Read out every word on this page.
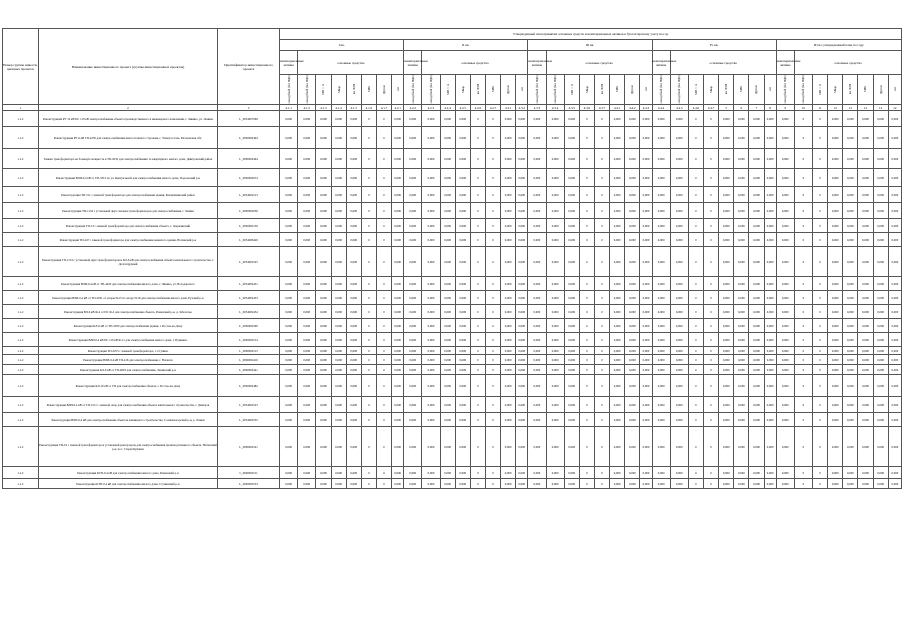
Номер группы инвести-ционных проектов	Наименование инвестиционного проекта (группы инвестиционных проектов)	Идентификатор инвестиционного проекта	Утвержденный план принятия основных средств и нематериальных активов к бухгалтерскому учету на год																																							
			I кв.								II кв.								III кв.								IV кв.								Итого утвержденный план по году							
			нематериальные активы	основные средства							нематериальные активы	основные средства							нематериальные активы	основные средства							нематериальные активы	основные средства							нематериальные активы	основные средства						
			млн.рублей (без НДС)	млн.рублей (без НДС)	МВ×А	Мвар	км ЛЭП	МВт	Другое	шт	млн.рублей (без НДС)	млн.рублей (без НДС)	МВ×А	Мвар	км ЛЭП	МВт	Другое	шт	млн.рублей (без НДС)	млн.рублей (без НДС)	МВ×А	Мвар	км ЛЭП	МВт	Другое	шт	млн.рублей (без НДС)	млн.рублей (без НДС)	МВ×А	Мвар	км ЛЭП	МВт	Другое	шт	млн.рублей (без НДС)	млн.рублей (без НДС)	МВ×А	Мвар	км ЛЭП	МВт	Другое	шт
1	2	3	4.1.1	4.1.2	4.1.3	4.1.4	4.1.5	4.1.6	4.1.7	4.2.1	4.2.2	4.2.3	4.2.4	4.2.5	4.2.6	4.2.7	4.3.1	4.3.2	4.3.3	4.3.4	4.3.5	4.3.6	4.3.7	4.4.1	4.4.2	4.4.3	4.4.4	4.4.5	4.4.6	4.4.7	5	6	7	8	9	10	11	12	12	12	12	12
1.1.2	Реконструкция РУ 10 кВ ПС 110 кВ электроснабжения объекта производственного и инженерного назначения, г. Ликино, ул. Ленина	L_0054007069	0,000	0,000	0,000	0,000	0,000	0	0	0,000	0,000	0,000	0,000	0,000	0	0	0,000	0,000	0,000	0,000	0,000	0	0	0,000	0,000	0,000	0,000	0,000	0	0	0,000	0,000	0,000	0,000	0,000	0	0	0,000	0,000	0,000	0,000	0,000
1.1.2	Реконструкция РУ-6 кВ ТП-2250 для электроснабжения многоэтажного строения, г. Электросталь, Московская обл.	L_0000002404	0,000	0,000	0,000	0,000	0,000	0	0	0,000	0,000	0,000	0,000	0,000	0	0	0,000	0,000	0,000	0,000	0,000	0	0	0,000	0,000	0,000	0,000	0,000	0	0	0,000	0,000	0,000	0,000	0,000	0	0	0,000	0,000	0,000	0,000	0,000
1.1.2	Замена трансформатора на большую мощность в ТП-2032 для электроснабжения 11-квартирного жилого дома, Дмитровский район	L_0000002404	0,000	0,000	0,000	0,000	0,000	0	0	0,000	0,000	0,000	0,000	0,000	0	0	0,000	0,000	0,000	0,000	0,000	0	0	0,000	0,000	0,000	0,000	0,000	0	0	0,000	0,000	0,000	0,000	0,000	0	0	0,000	0,000	0,000	0,000	0,000
1.1.2	Реконструкция ВЛИ-0,4 кВ от ТП-3312 по ул. Центральной для электроснабжения жилого дома, Подольский р-н	L_0000002974	0,000	0,000	0,000	0,000	0,000	0	0	0,000	0,000	0,000	0,000	0,000	0	0	0,000	0,000	0,000	0,000	0,000	0	0	0,000	0,000	0,000	0,000	0,000	0	0	0,000	0,000	0,000	0,000	0,000	0	0	0,000	0,000	0,000	0,000	0,000
1.1.2	Реконструкция ТП-511 с заменой трансформатора для электроснабжения здания, Балашихинский район	L_0054002513	0,000	0,000	0,000	0,000	0,000	0	0	0,000	0,000	0,000	0,000	0,000	0	0	0,000	0,000	0,000	0,000	0,000	0	0	0,000	0,000	0,000	0,000	0,000	0	0	0,000	0,000	0,000	0,000	0,000	0	0	0,000	0,000	0,000	0,000	0,000
1.1.2	Реконструкция ТП-1154 с установкой двух силовых трансформаторов для электроснабжения, г. Химки	L_0000002056	0,000	0,000	0,000	0,000	0,000	0	0	0,000	0,000	0,000	0,000	0,000	0	0	0,000	0,000	0,000	0,000	0,000	0	0	0,000	0,000	0,000	0,000	0,000	0	0	0,000	0,000	0,000	0,000	0,000	0	0	0,000	0,000	0,000	0,000	0,000
1.1.2	Реконструкция ТП-13 с заменой трансформатора для электроснабжения объекта, г. Дзержинский	L_0000002159	0,000	0,000	0,000	0,000	0,000	0	0	0,000	0,000	0,000	0,000	0,000	0	0	0,000	0,000	0,000	0,000	0,000	0	0	0,000	0,000	0,000	0,000	0,000	0	0	0,000	0,000	0,000	0,000	0,000	0	0	0,000	0,000	0,000	0,000	0,000
1.1.2	Реконструкция ТП-247 с заменой трансформатора для электроснабжения нежилого здания, Ногинский р-н	L_0054006429	0,000	0,000	0,000	0,000	0,000	0	0	0,000	0,000	0,000	0,000	0,000	0	0	0,000	0,000	0,000	0,000	0,000	0	0	0,000	0,000	0,000	0,000	0,000	0	0	0,000	0,000	0,000	0,000	0,000	0	0	0,000	0,000	0,000	0,000	0,000
1.1.2	Реконструкция ТП-1154 с установкой двух трансформаторов и КЛ-6 кВ для электроснабжения объекта капитального строительства, г. Долгопрудный	L_0054002525	0,000	0,000	0,000	0,000	0,000	0	0	0,000	0,000	0,000	0,000	0,000	0	0	0,000	0,000	0,000	0,000	0,000	0	0	0,000	0,000	0,000	0,000	0,000	0	0	0,000	0,000	0,000	0,000	0,000	0	0	0,000	0,000	0,000	0,000	0,000
1.1.2	Реконструкция ВЛИ-0,4 кВ от ТП-4420 для электроснабжения жилого дома, г. Ликино, ул. Володарского	L_0054002451	0,000	0,000	0,000	0,000	0,000	0	0	0,000	0,000	0,000	0,000	0,000	0	0	0,000	0,000	0,000	0,000	0,000	0	0	0,000	0,000	0,000	0,000	0,000	0	0	0,000	0,000	0,000	0,000	0,000	0	0	0,000	0,000	0,000	0,000	0,000
1.1.2	Реконструкция ВЛИ-0,4 кВ от ТП-2031 от опоры №15 по опору №16 для электроснабжения жилого дома, Рузский р-н	L_0054002453	0,000	0,000	0,000	0,000	0,000	0	0	0,000	0,000	0,000	0,000	0,000	0	0	0,000	0,000	0,000	0,000	0,000	0	0	0,000	0,000	0,000	0,000	0,000	0	0	0,000	0,000	0,000	0,000	0,000	0	0	0,000	0,000	0,000	0,000	0,000
1.1.2	Реконструкция ВЛ-6 кВ Ф-4 от ПС Ф-4 для электроснабжения объекта, Раменский р-н, д. Заболотье	L_0054002454	0,000	0,000	0,000	0,000	0,000	0	0	0,000	0,000	0,000	0,000	0,000	0	0	0,000	0,000	0,000	0,000	0,000	0	0	0,000	0,000	0,000	0,000	0,000	0	0	0,000	0,000	0,000	0,000	0,000	0	0	0,000	0,000	0,000	0,000	0,000
1.1.2	Реконструкция КЛ-6 кВ от ТП-2050 для электроснабжения здания, г. Ростов-на-Дону	L_0000002590	0,000	0,000	0,000	0,000	0,000	0	0	0,000	0,000	0,000	0,000	0,000	0	0	0,000	0,000	0,000	0,000	0,000	0	0	0,000	0,000	0,000	0,000	0,000	0	0	0,000	0,000	0,000	0,000	0,000	0	0	0,000	0,000	0,000	0,000	0,000
1.1.2	Реконструкция ВЛИ-0,4 кВ ПС 110 кВ Ф-11 для электроснабжения жилого дома, г. Пушкино	L_0000002514	0,000	0,000	0,000	0,000	0,000	0	0	0,000	0,000	0,000	0,000	0,000	0	0	0,000	0,000	0,000	0,000	0,000	0	0	0,000	0,000	0,000	0,000	0,000	0	0	0,000	0,000	0,000	0,000	0,000	0	0	0,000	0,000	0,000	0,000	0,000
1.1.2	Реконструкция ТП-2253 с заменой трансформатора, г. Ступино	L_0000002515	0,000	0,000	0,000	0,000	0,000	0	0	0,000	0,000	0,000	0,000	0,000	0	0	0,000	0,000	0,000	0,000	0,000	0	0	0,000	0,000	0,000	0,000	0,000	0	0	0,000	0,000	0,000	0,000	0,000	0	0	0,000	0,000	0,000	0,000	0,000
1.1.2	Реконструкция ВЛИ-0,4 кВ ТП-416 для электроснабжения, г. Ногинск	L_0000002416	0,000	0,000	0,000	0,000	0,000	0	0	0,000	0,000	0,000	0,000	0,000	0	0	0,000	0,000	0,000	0,000	0,000	0	0	0,000	0,000	0,000	0,000	0,000	0	0	0,000	0,000	0,000	0,000	0,000	0	0	0,000	0,000	0,000	0,000	0,000
1.1.2	Реконструкция КЛ-6 кВ от ТП-4818 для электроснабжения, Ленинский р-н	L_0000002441	0,000	0,000	0,000	0,000	0,000	0	0	0,000	0,000	0,000	0,000	0,000	0	0	0,000	0,000	0,000	0,000	0,000	0	0	0,000	0,000	0,000	0,000	0,000	0	0	0,000	0,000	0,000	0,000	0,000	0	0	0,000	0,000	0,000	0,000	0,000
1.1.2	Реконструкция КЛ-10 кВ от ТП для электроснабжения объекта, г. Ростов-на-Дону	L_0000002482	0,000	0,000	0,000	0,000	0,000	0	0	0,000	0,000	0,000	0,000	0,000	0	0	0,000	0,000	0,000	0,000	0,000	0	0	0,000	0,000	0,000	0,000	0,000	0	0	0,000	0,000	0,000	0,000	0,000	0	0	0,000	0,000	0,000	0,000	0,000
1.1.2	Реконструкция ВЛИ-0,4 кВ от ТП-1511 с заменой опор для электроснабжения объекта капитального строительства, г. Дмитров	L_0054002523	0,000	0,000	0,000	0,000	0,000	0	0	0,000	0,000	0,000	0,000	0,000	0	0	0,000	0,000	0,000	0,000	0,000	0	0	0,000	0,000	0,000	0,000	0,000	0	0	0,000	0,000	0,000	0,000	0,000	0	0	0,000	0,000	0,000	0,000	0,000
1.1.2	Реконструкция ВЛИ-0,4 кВ для электроснабжения объектов жилищного строительства, Солнечногорский р-н, д. Ложки	L_0054002535	0,000	0,000	0,000	0,000	0,000	0	0	0,000	0,000	0,000	0,000	0,000	0	0	0,000	0,000	0,000	0,000	0,000	0	0	0,000	0,000	0,000	0,000	0,000	0	0	0,000	0,000	0,000	0,000	0,000	0	0	0,000	0,000	0,000	0,000	0,000
1.1.2	Реконструкция ТП-19 с заменой трансформатора и установкой реклоузеров для электроснабжения производственного объекта, Ногинский р-н, пос. Старая Купавна	L_0000002521	0,000	0,000	0,000	0,000	0,000	0	0	0,000	0,000	0,000	0,000	0,000	0	0	0,000	0,000	0,000	0,000	0,000	0	0	0,000	0,000	0,000	0,000	0,000	0	0	0,000	0,000	0,000	0,000	0,000	0	0	0,000	0,000	0,000	0,000	0,000
1.1.2	Реконструкция КТП-0,4 кВ для электроснабжения жилого дома, Раменский р-н	L_0000002511	0,000	0,000	0,000	0,000	0,000	0	0	0,000	0,000	0,000	0,000	0,000	0	0	0,000	0,000	0,000	0,000	0,000	0	0	0,000	0,000	0,000	0,000	0,000	0	0	0,000	0,000	0,000	0,000	0,000	0	0	0,000	0,000	0,000	0,000	0,000
1.1.2	Реконструкция КТП-0,4 кВ для электроснабжения жилого дома, Ступинский р-н	L_0000002553	0,000	0,000	0,000	0,000	0,000	0	0	0,000	0,000	0,000	0,000	0,000	0	0	0,000	0,000	0,000	0,000	0,000	0	0	0,000	0,000	0,000	0,000	0,000	0	0	0,000	0,000	0,000	0,000	0,000	0	0	0,000	0,000	0,000	0,000	0,000
